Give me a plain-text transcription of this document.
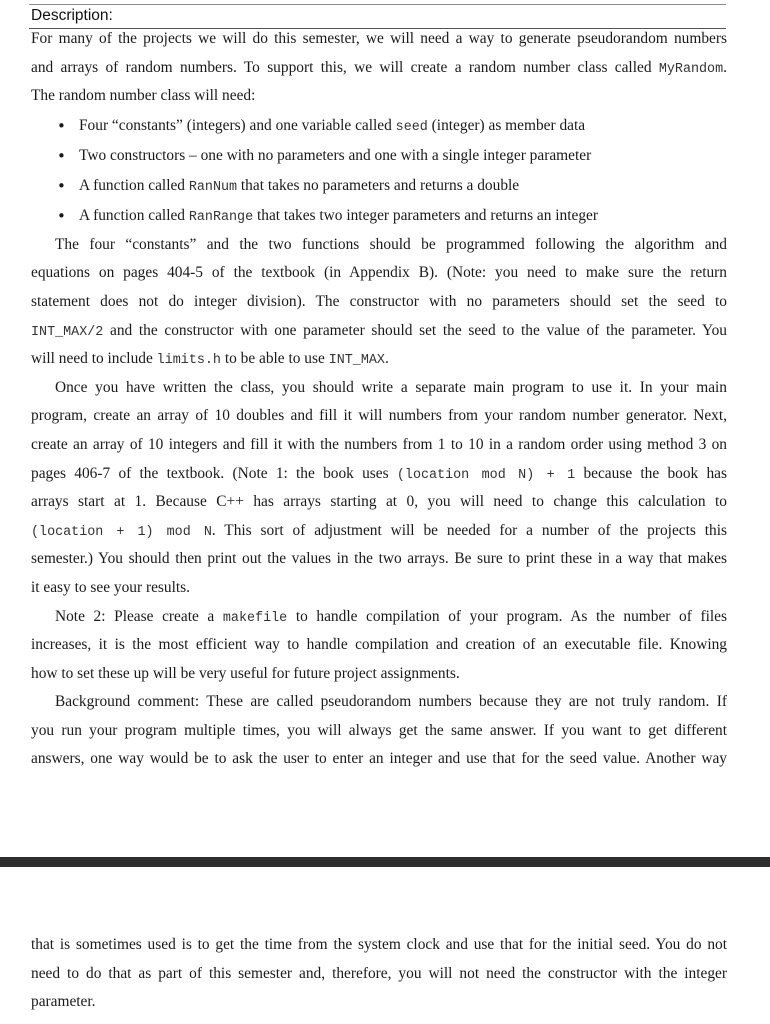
Description:
For many of the projects we will do this semester, we will need a way to generate pseudorandom numbers
and arrays of random numbers. To support this, we will create a random number class called MyRandom.
The random number class will need:
• Four “constants” (integers) and one variable called seed (integer) as member data
• Two constructors – one with no parameters and one with a single integer parameter
• A function called RanNum that takes no parameters and returns a double
• A function called RanRange that takes two integer parameters and returns an integer
The four “constants” and the two functions should be programmed following the algorithm and
equations on pages 404-5 of the textbook (in Appendix B). (Note: you need to make sure the return
statement does not do integer division). The constructor with no parameters should set the seed to
INT_MAX/2 and the constructor with one parameter should set the seed to the value of the parameter. You
will need to include limits.h to be able to use INT_MAX.
Once you have written the class, you should write a separate main program to use it. In your main
program, create an array of 10 doubles and fill it will numbers from your random number generator. Next,
create an array of 10 integers and fill it with the numbers from 1 to 10 in a random order using method 3 on
pages 406-7 of the textbook. (Note 1: the book uses (location mod N) + 1 because the book has
arrays start at 1. Because C++ has arrays starting at 0, you will need to change this calculation to
(location + 1) mod N. This sort of adjustment will be needed for a number of the projects this
semester.) You should then print out the values in the two arrays. Be sure to print these in a way that makes
it easy to see your results.
Note 2: Please create a makefile to handle compilation of your program. As the number of files
increases, it is the most efficient way to handle compilation and creation of an executable file. Knowing
how to set these up will be very useful for future project assignments.
Background comment: These are called pseudorandom numbers because they are not truly random. If
you run your program multiple times, you will always get the same answer. If you want to get different
answers, one way would be to ask the user to enter an integer and use that for the seed value. Another way
that is sometimes used is to get the time from the system clock and use that for the initial seed. You do not
need to do that as part of this semester and, therefore, you will not need the constructor with the integer
parameter.
